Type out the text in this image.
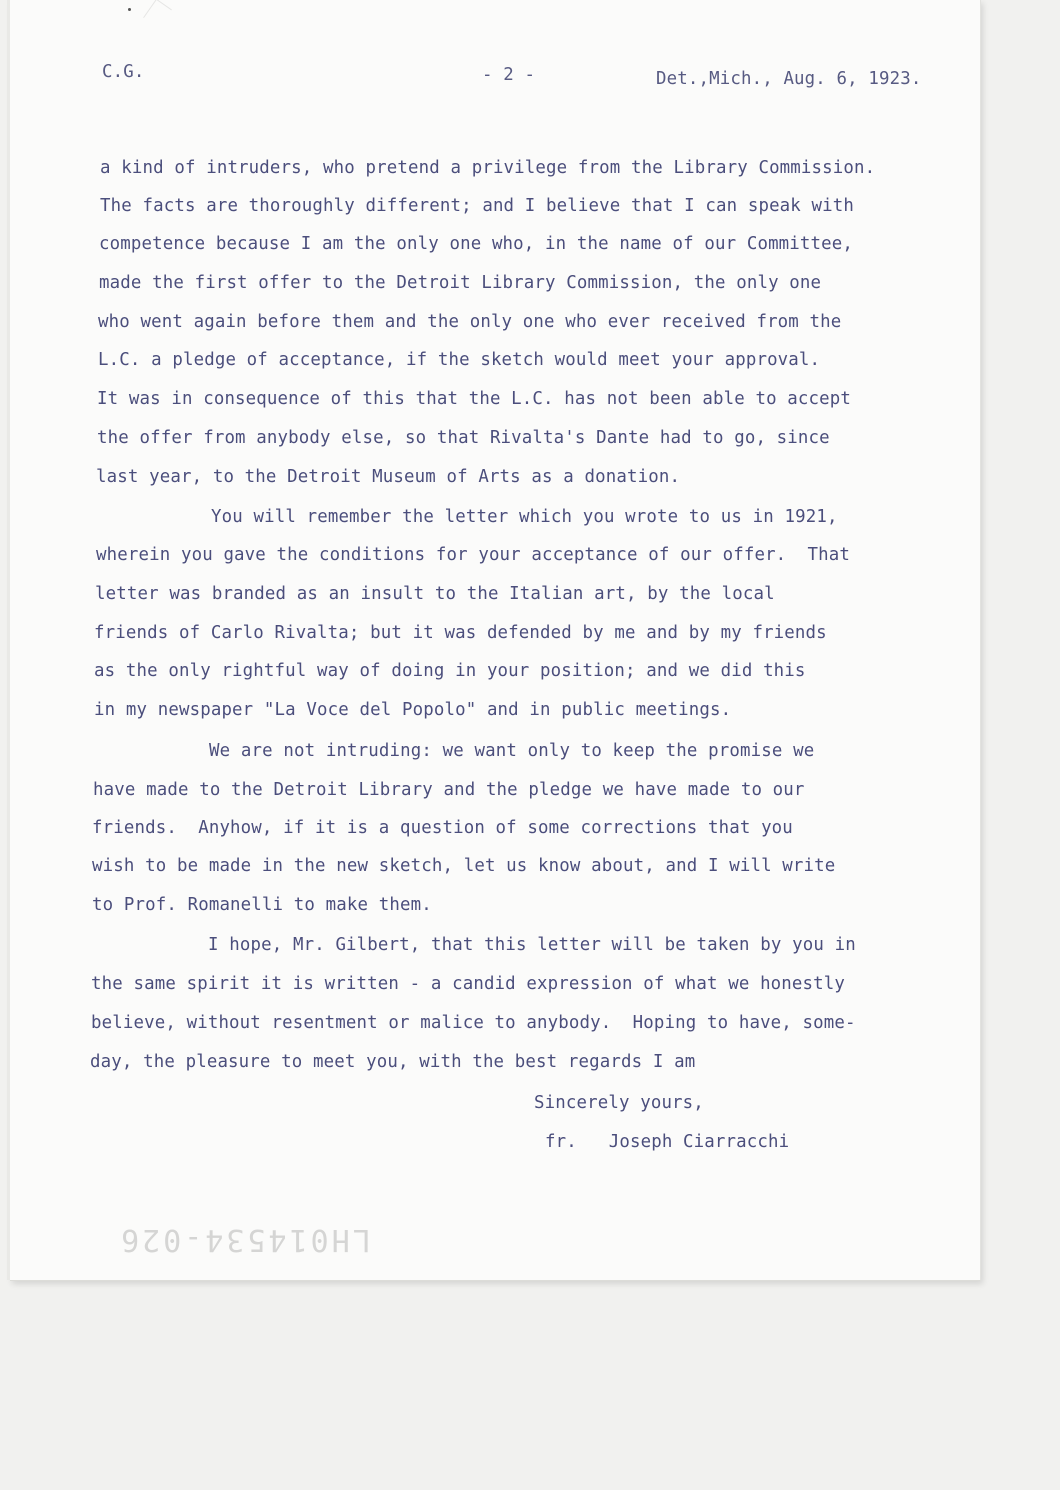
C.G.	- 2 -	Det.,Mich., Aug. 6, 1923.
a kind of intruders, who pretend a privilege from the Library Commission.
The facts are thoroughly different; and I believe that I can speak with
competence because I am the only one who, in the name of our Committee,
made the first offer to the Detroit Library Commission, the only one
who went again before them and the only one who ever received from the
L.C. a pledge of acceptance, if the sketch would meet your approval.
It was in consequence of this that the L.C. has not been able to accept
the offer from anybody else, so that Rivalta's Dante had to go, since
last year, to the Detroit Museum of Arts as a donation.
You will remember the letter which you wrote to us in 1921,
wherein you gave the conditions for your acceptance of our offer.  That
letter was branded as an insult to the Italian art, by the local
friends of Carlo Rivalta; but it was defended by me and by my friends
as the only rightful way of doing in your position; and we did this
in my newspaper "La Voce del Popolo" and in public meetings.
We are not intruding: we want only to keep the promise we
have made to the Detroit Library and the pledge we have made to our
friends.  Anyhow, if it is a question of some corrections that you
wish to be made in the new sketch, let us know about, and I will write
to Prof. Romanelli to make them.
I hope, Mr. Gilbert, that this letter will be taken by you in
the same spirit it is written - a candid expression of what we honestly
believe, without resentment or malice to anybody.  Hoping to have, some-
day, the pleasure to meet you, with the best regards I am
Sincerely yours,
fr.   Joseph Ciarracchi
LH014534-026
